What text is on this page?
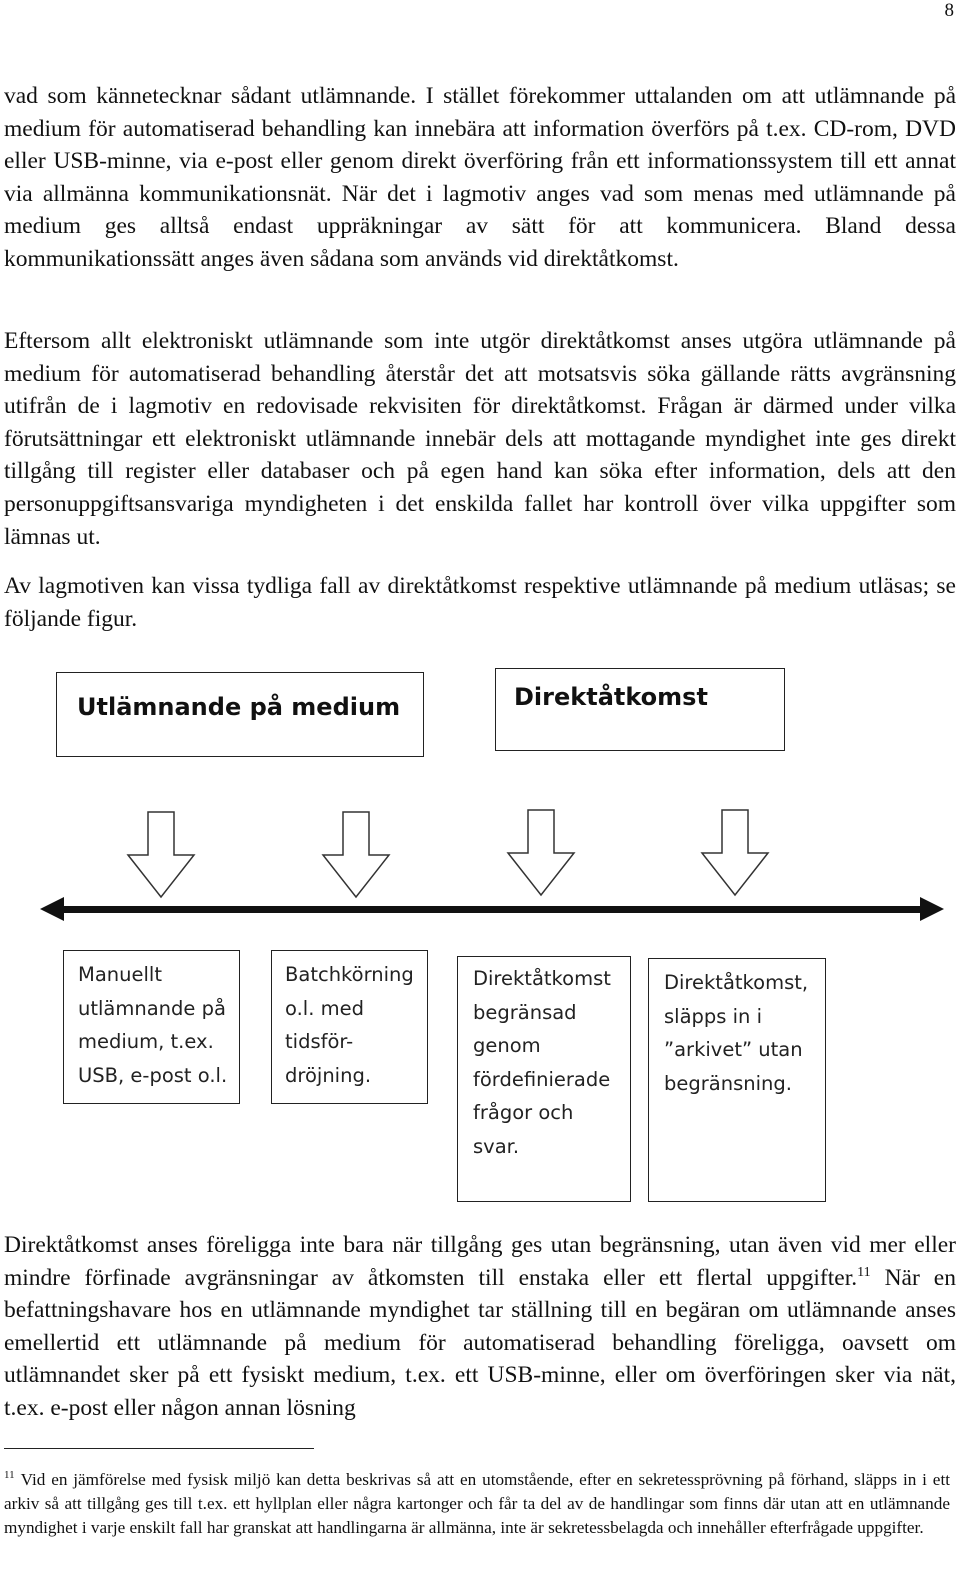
8

vad som kännetecknar sådant utlämnande. I stället förekommer uttalanden om att utlämnande på medium för automatiserad behandling kan innebära att information överförs på t.ex. CD-rom, DVD eller USB-minne, via e-post eller genom direkt överföring från ett informationssystem till ett annat via allmänna kommunikationsnät. När det i lagmotiv anges vad som menas med utlämnande på medium ges alltså endast uppräkningar av sätt för att kommunicera. Bland dessa kommunikationssätt anges även sådana som används vid direktåtkomst.

Eftersom allt elektroniskt utlämnande som inte utgör direktåtkomst anses utgöra utlämnande på medium för automatiserad behandling återstår det att motsatsvis söka gällande rätts avgränsning utifrån de i lagmotiv en redovisade rekvisiten för direktåtkomst. Frågan är därmed under vilka förutsättningar ett elektroniskt utlämnande innebär dels att mottagande myndighet inte ges direkt tillgång till register eller databaser och på egen hand kan söka efter information, dels att den personuppgiftsansvariga myndigheten i det enskilda fallet har kontroll över vilka uppgifter som lämnas ut.

Av lagmotiven kan vissa tydliga fall av direktåtkomst respektive utlämnande på medium utläsas; se följande figur.

Utlämnande på medium	Direktåtkomst
Manuellt
utlämnande på
medium, t.ex.
USB, e-post o.l.
Batchkörning
o.l. med
tidsför-
dröjning.
Direktåtkomst
begränsad
genom
fördefinierade
frågor och
svar.
Direktåtkomst,
släpps in i
”arkivet” utan
begränsning.

Direktåtkomst anses föreligga inte bara när tillgång ges utan begränsning, utan även vid mer eller mindre förfinade avgränsningar av åtkomsten till enstaka eller ett flertal uppgifter.$^{11}$ När en befattningshavare hos en utlämnande myndighet tar ställning till en begäran om utlämnande anses emellertid ett utlämnande på medium för automatiserad behandling föreligga, oavsett om utlämnandet sker på ett fysiskt medium, t.ex. ett USB-minne, eller om överföringen sker via nät, t.ex. e-post eller någon annan lösning

$^{11}$ Vid en jämförelse med fysisk miljö kan detta beskrivas så att en utomstående, efter en sekretessprövning på förhand, släpps in i ett arkiv så att tillgång ges till t.ex. ett hyllplan eller några kartonger och får ta del av de handlingar som finns där utan att en utlämnande myndighet i varje enskilt fall har granskat att handlingarna är allmänna, inte är sekretessbelagda och innehåller efterfrågade uppgifter.
